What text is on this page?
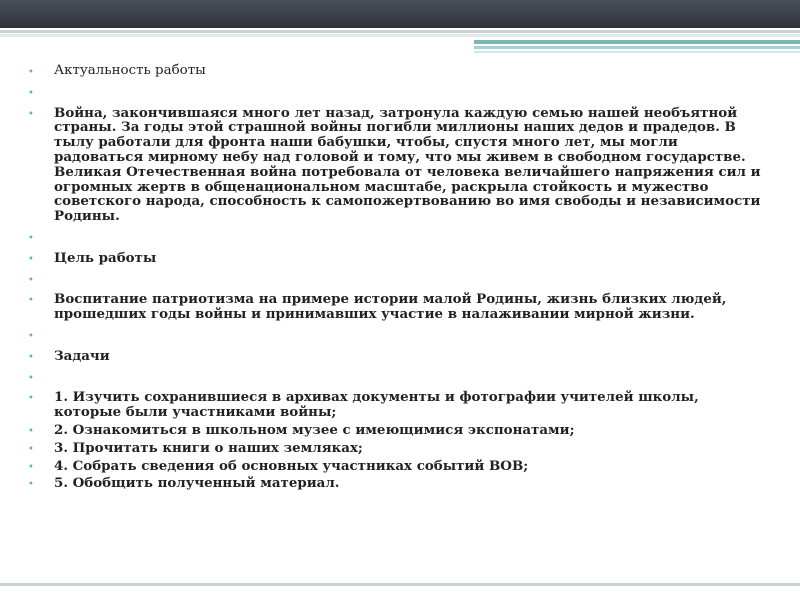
•	Актуальность работы
•

•	Война, закончившаяся много лет назад, затронула каждую семью нашей необъятной страны. За годы этой страшной войны погибли миллионы наших дедов и прадедов. В тылу работали для фронта наши бабушки, чтобы, спустя много лет, мы могли радоваться мирному небу над головой и тому, что мы живем в свободном государстве. Великая Отечественная война потребовала от человека величайшего напряжения сил и огромных жертв в общенациональном масштабе, раскрыла стойкость и мужество советского народа, способность к самопожертвованию во имя свободы и независимости Родины.
•

•	Цель работы
•

•	Воспитание патриотизма на примере истории малой Родины, жизнь близких людей, прошедших годы войны и принимавших участие в налаживании мирной жизни.
•

•	Задачи
•

•	1. Изучить сохранившиеся в архивах документы и фотографии учителей школы, которые были участниками войны;
•	2. Ознакомиться в школьном музее с имеющимися экспонатами;
•	3. Прочитать книги о наших земляках;
•	4. Собрать сведения об основных участниках событий ВОВ;
•	5. Обобщить полученный материал.
